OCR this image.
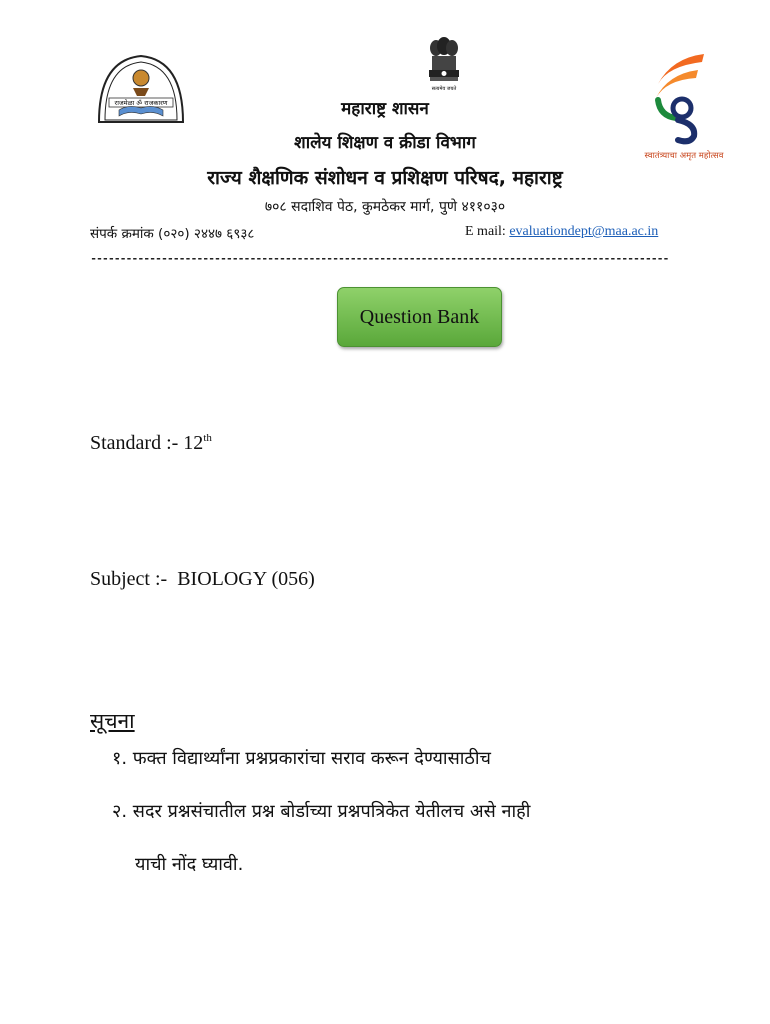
राजमेळा ॐ राजकारण
सत्यमेव जयते
स्वातंत्र्याचा अमृत महोत्सव
महाराष्ट्र शासन
शालेय शिक्षण व क्रीडा विभाग
राज्य शैक्षणिक संशोधन व प्रशिक्षण परिषद, महाराष्ट्र
७०८ सदाशिव पेठ, कुमठेकर मार्ग, पुणे ४११०३०
संपर्क क्रमांक (०२०) २४४७ ६९३८	E mail: evaluationdept@maa.ac.in
--------------------------------------------------------------------------------------------------
Question Bank
Standard :- 12th
Subject :-  BIOLOGY (056)
सूचना
१. फक्त विद्यार्थ्यांना प्रश्नप्रकारांचा सराव करून देण्यासाठीच
२. सदर प्रश्नसंचातील प्रश्न बोर्डाच्या प्रश्नपत्रिकेत येतीलच असे नाही
याची नोंद घ्यावी.
